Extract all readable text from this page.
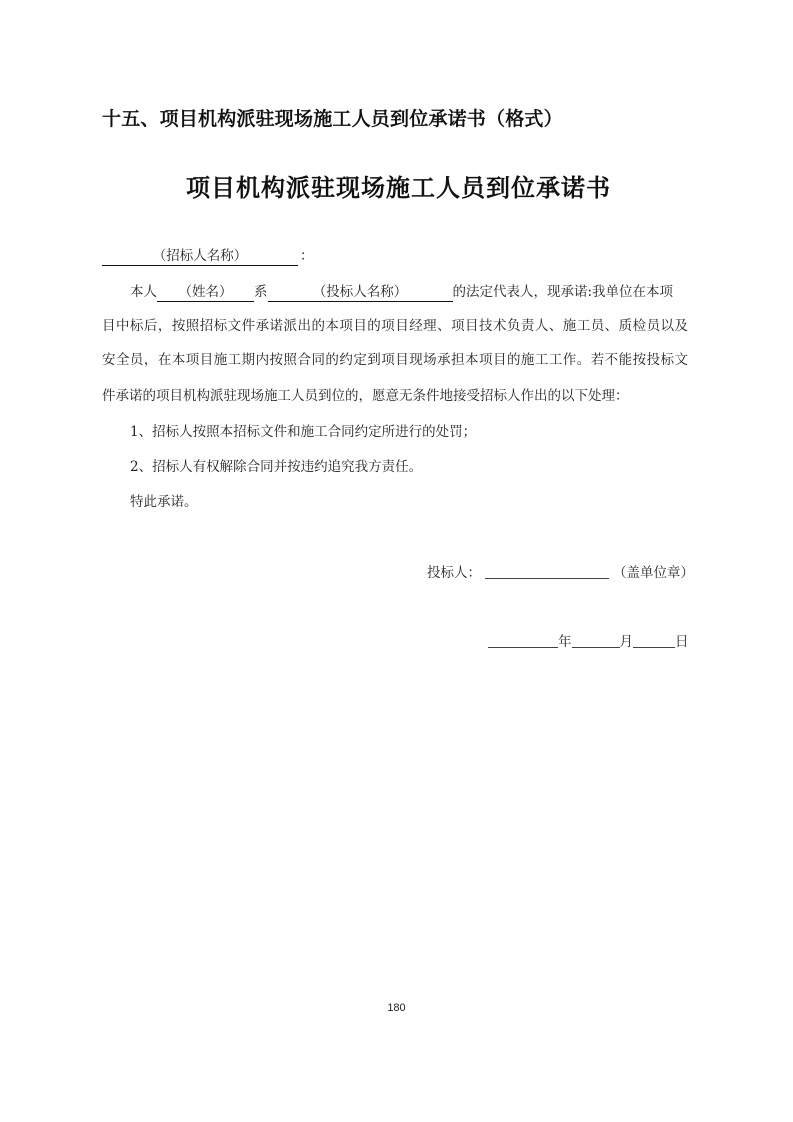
十五、项目机构派驻现场施工人员到位承诺书（格式）
项目机构派驻现场施工人员到位承诺书
（招标人名称）	：
本人 （姓名） 系	（投标人名称）	的法定代表人，现承诺:我单位在本项
目中标后，按照招标文件承诺派出的本项目的项目经理、项目技术负责人、施工员、质检员以及
安全员，在本项目施工期内按照合同的约定到项目现场承担本项目的施工工作。若不能按投标文
件承诺的项目机构派驻现场施工人员到位的，愿意无条件地接受招标人作出的以下处理：
1、招标人按照本招标文件和施工合同约定所进行的处罚；
2、招标人有权解除合同并按违约追究我方责任。
特此承诺。
投标人：	（盖单位章）
年	月	日
180
